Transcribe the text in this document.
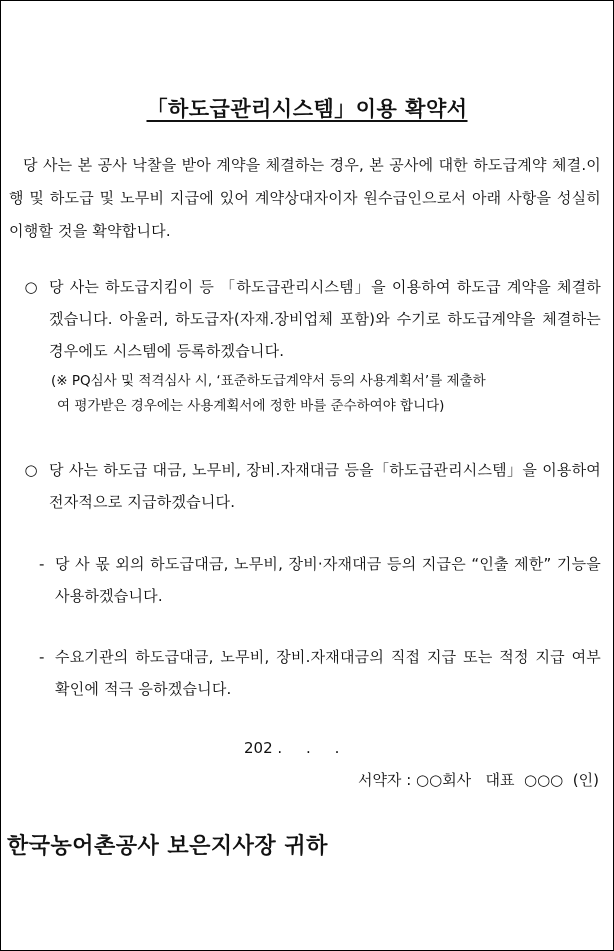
「하도급관리시스템」이용 확약서
당 사는 본 공사 낙찰을 받아 계약을 체결하는 경우, 본 공사에 대한 하도급계약 체결.이행 및 하도급 및 노무비 지급에 있어 계약상대자이자 원수급인으로서 아래 사항을 성실히 이행할 것을 확약합니다.
○ 당 사는 하도급지킴이 등 「하도급관리시스템」을 이용하여 하도급 계약을 체결하겠습니다. 아울러, 하도급자(자재.장비업체 포함)와 수기로 하도급계약을 체결하는 경우에도 시스템에 등록하겠습니다.
(※ PQ심사 및 적격심사 시, ‘표준하도급계약서 등의 사용계획서’를 제출하
여 평가받은 경우에는 사용계획서에 정한 바를 준수하여야 합니다)
○ 당 사는 하도급 대금, 노무비, 장비.자재대금 등을「하도급관리시스템」을 이용하여 전자적으로 지급하겠습니다.
- 당 사 몫 외의 하도급대금, 노무비, 장비·자재대금 등의 지급은 “인출 제한” 기능을 사용하겠습니다.
- 수요기관의 하도급대금, 노무비, 장비.자재대금의 직접 지급 또는 적정 지급 여부 확인에 적극 응하겠습니다.
202 .     .     .
서약자 : ○○회사   대표  ○○○  (인)
한국농어촌공사 보은지사장 귀하
